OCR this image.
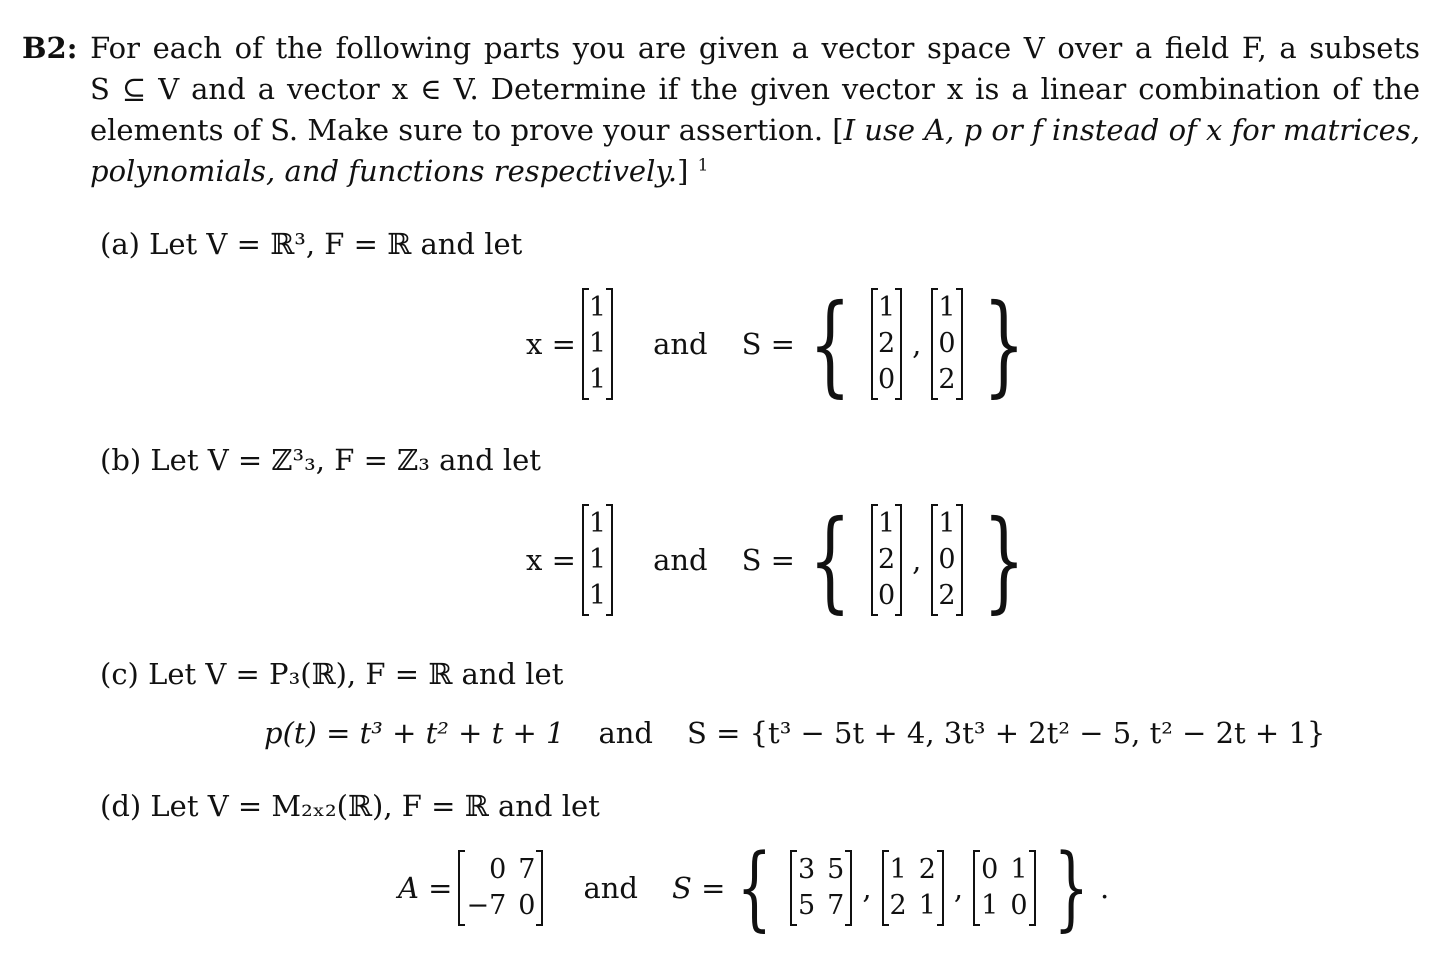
B2: For each of the following parts you are given a vector space V over a field F, a subsets
S ⊆ V and a vector x ∈ V. Determine if the given vector x is a linear combination of the
elements of S. Make sure to prove your assertion. [I use A, p or f instead of x for matrices,
polynomials, and functions respectively.] $^1$
(a) Let V = ℝ³, F = ℝ and let
x =
1
1
1
and S = { 1
2
0
,
1
0
2 }
(b) Let V = ℤ³₃, F = ℤ₃ and let
x =
1
1
1
and S = { 1
2
0
,
1
0
2 }
(c) Let V = P₃(ℝ), F = ℝ and let
p(t) = t³ + t² + t + 1 and S = {t³ − 5t + 4, 3t³ + 2t² − 5, t² − 2t + 1}
(d) Let V = M₂ₓ₂(ℝ), F = ℝ and let
A =
0 7
−7 0
and S = { 3 5
5 7
,
1 2
2 1
,
0 1
1 0 } .
